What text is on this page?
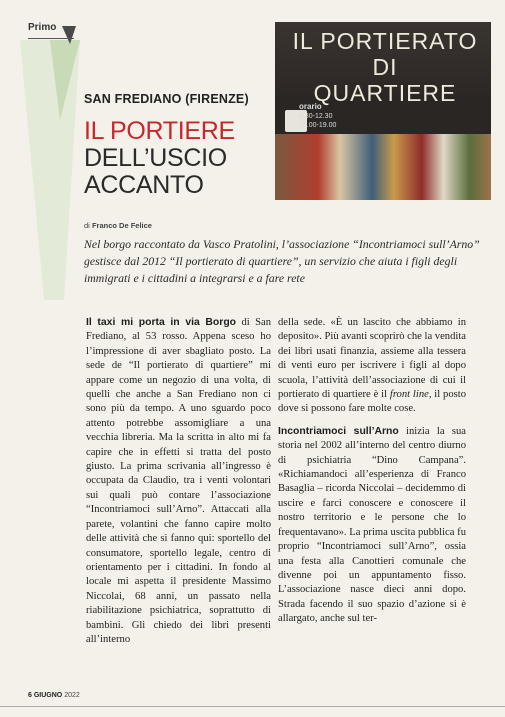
Primo
IL PORTIERATO DI
QUARTIERE
orario
9.30-12.30
15.00-19.00
SAN FREDIANO (FIRENZE)
IL PORTIERE
DELL’USCIO
ACCANTO
di Franco De Felice
Nel borgo raccontato da Vasco Pratolini, l’associazione “Incontriamoci sull’Arno” gestisce dal 2012 “Il portierato di quartiere”, un servizio che aiuta i figli degli immigrati e i cittadini a integrarsi e a fare rete
Il taxi mi porta in via Borgo di San Frediano, al 53 rosso. Appena sceso ho l’impressione di aver sbagliato posto. La sede de “Il portierato di quartiere” mi appare come un negozio di una volta, di quelli che anche a San Frediano non ci sono più da tempo. A uno sguardo poco attento potrebbe assomigliare a una vecchia libreria. Ma la scritta in alto mi fa capire che in effetti si tratta del posto giusto. La prima scrivania all’ingresso è occupata da Claudio, tra i venti volontari sui quali può contare l’associazione “Incontriamoci sull’Arno”. Attaccati alla parete, volantini che fanno capire molto delle attività che si fanno qui: sportello del consumatore, sportello legale, centro di orientamento per i cittadini. In fondo al locale mi aspetta il presidente Massimo Niccolai, 68 anni, un passato nella riabilitazione psichiatrica, soprattutto di bambini. Gli chiedo dei libri presenti all’interno
della sede. «È un lascito che abbiamo in deposito». Più avanti scoprirò che la vendita dei libri usati finanzia, assieme alla tessera di venti euro per iscrivere i figli al dopo scuola, l’attività dell’associazione di cui il portierato di quartiere è il front line, il posto dove si possono fare molte cose.
Incontriamoci sull’Arno inizia la sua storia nel 2002 all’interno del centro diurno di psichiatria “Dino Campana”. «Richiamandoci all’esperienza di Franco Basaglia – ricorda Niccolai – decidemmo di uscire e farci conoscere e conoscere il nostro territorio e le persone che lo frequentavano». La prima uscita pubblica fu proprio “Incontriamoci sull’Arno”, ossia una festa alla Canottieri comunale che divenne poi un appuntamento fisso. L’associazione nasce dieci anni dopo. Strada facendo il suo spazio d’azione si è allargato, anche sul ter-
6 GIUGNO 2022
